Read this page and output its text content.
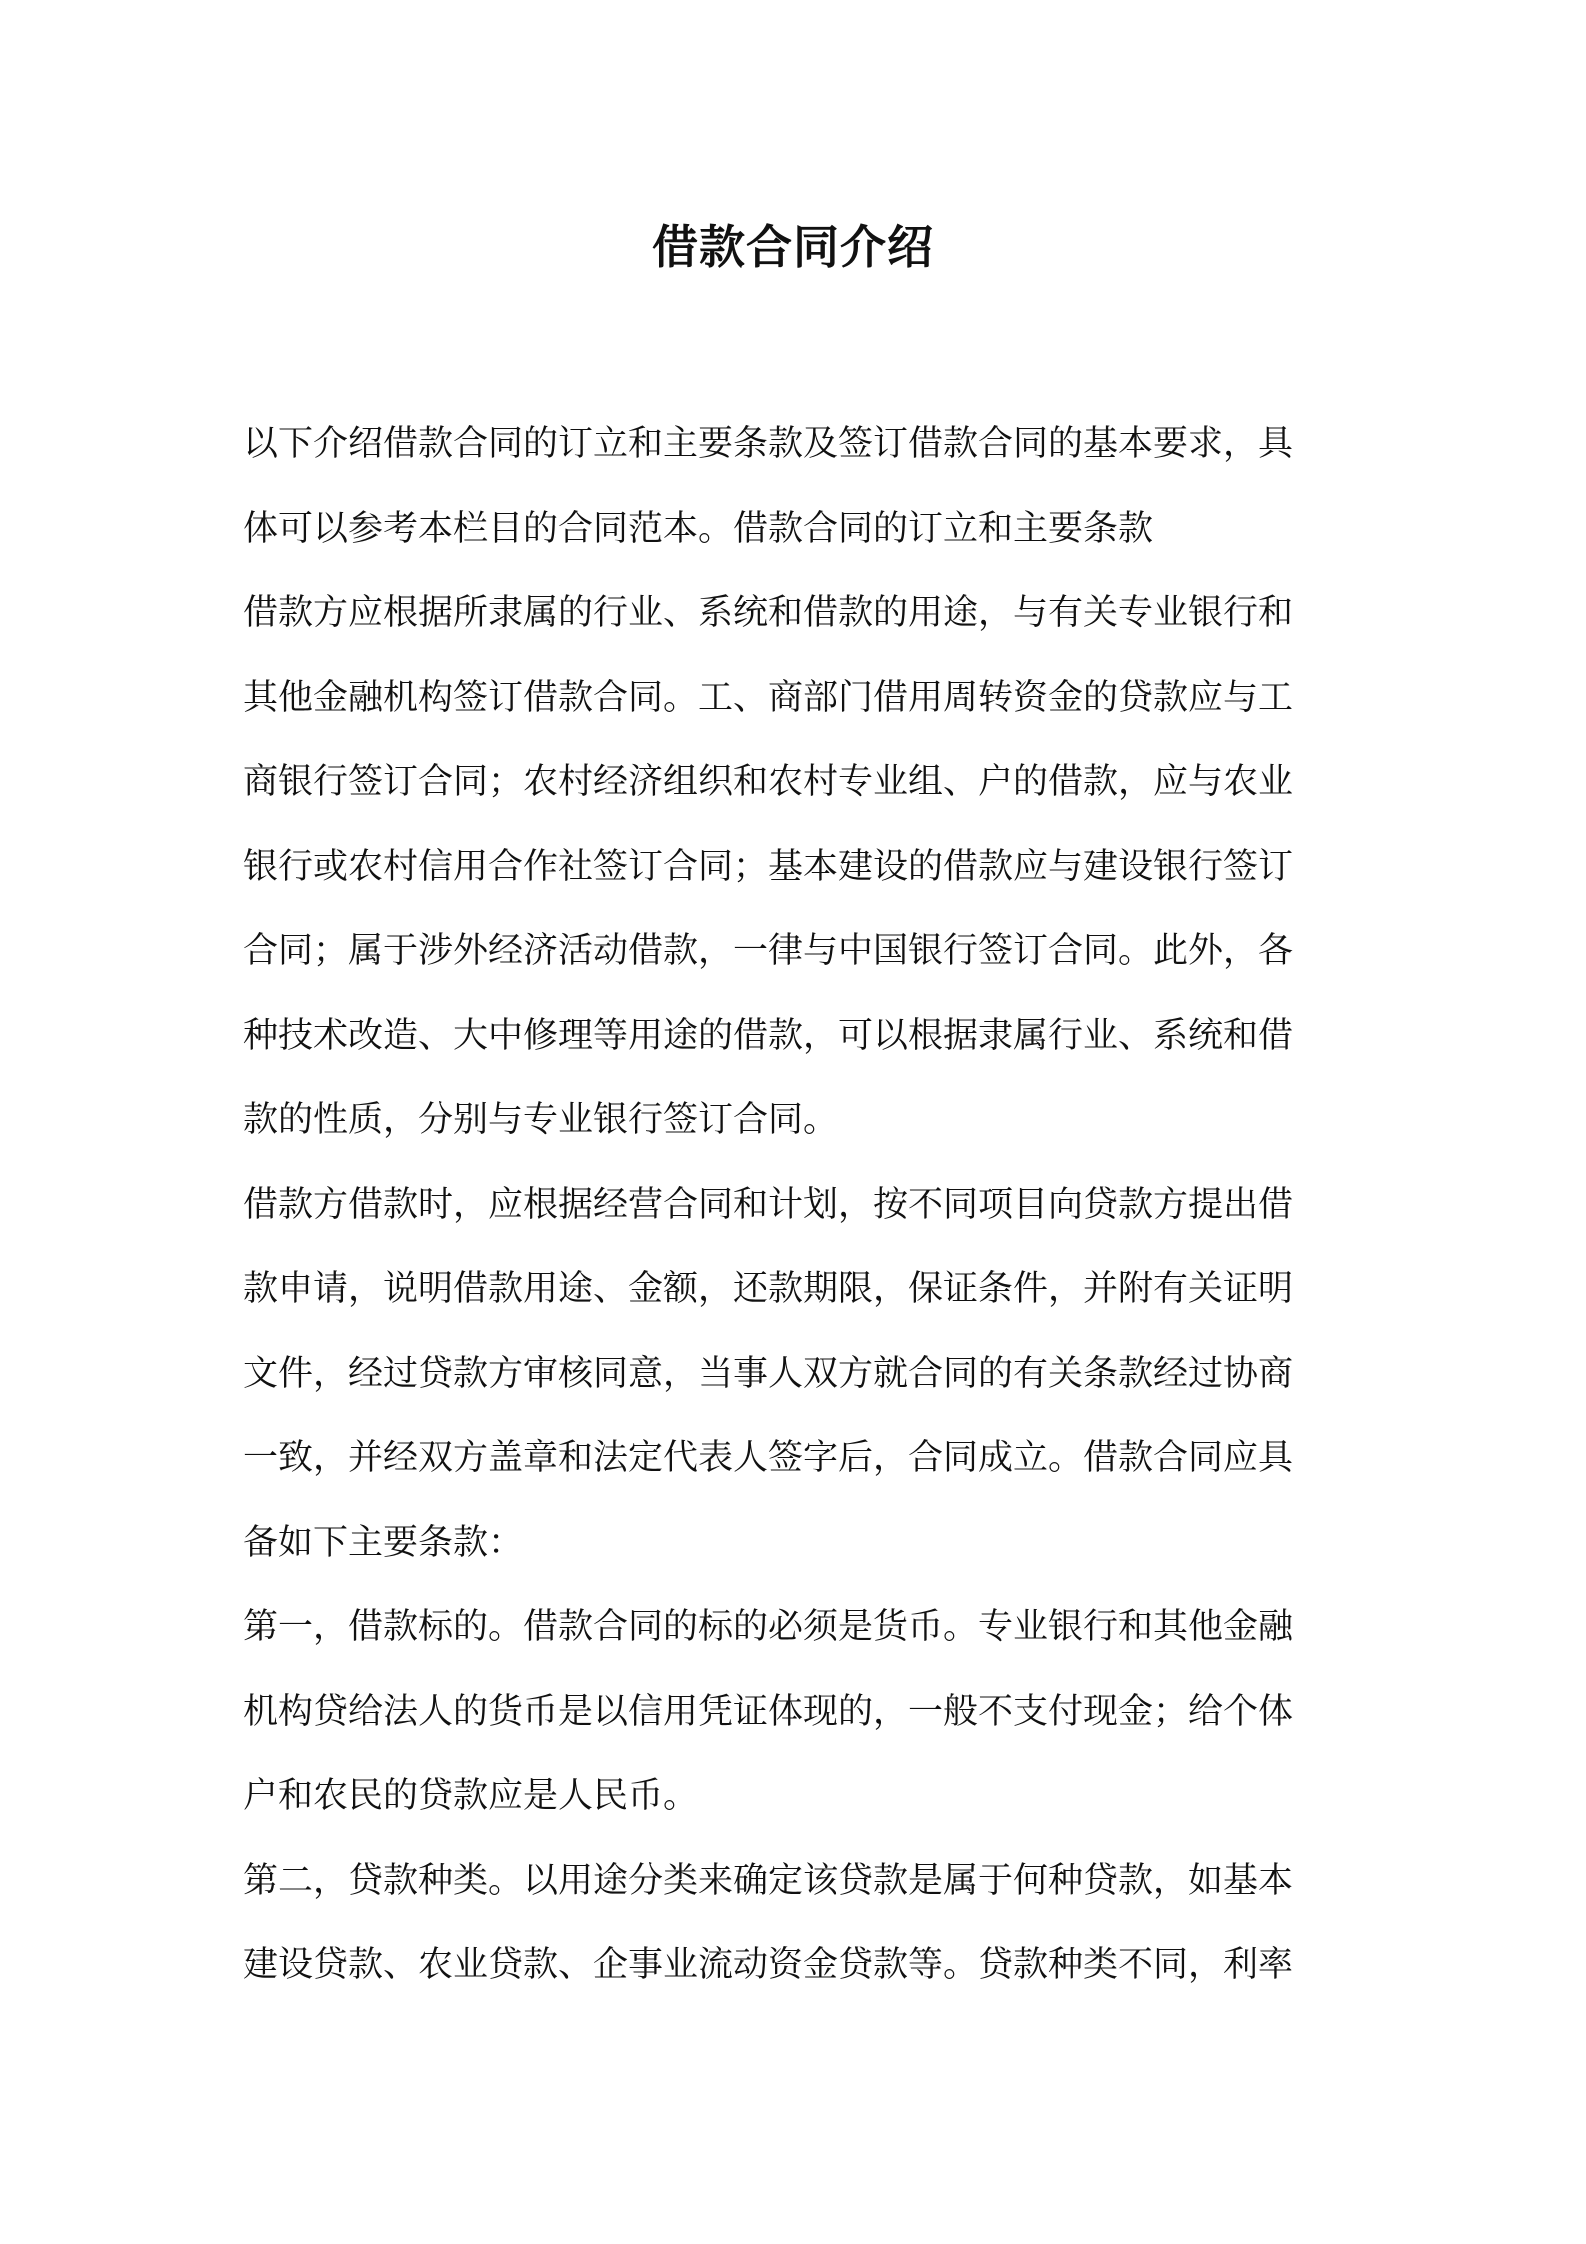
借款合同介绍

以下介绍借款合同的订立和主要条款及签订借款合同的基本要求，具
体可以参考本栏目的合同范本。借款合同的订立和主要条款

借款方应根据所隶属的行业、系统和借款的用途，与有关专业银行和
其他金融机构签订借款合同。工、商部门借用周转资金的贷款应与工
商银行签订合同；农村经济组织和农村专业组、户的借款，应与农业
银行或农村信用合作社签订合同；基本建设的借款应与建设银行签订
合同；属于涉外经济活动借款，一律与中国银行签订合同。此外，各
种技术改造、大中修理等用途的借款，可以根据隶属行业、系统和借
款的性质，分别与专业银行签订合同。

借款方借款时，应根据经营合同和计划，按不同项目向贷款方提出借
款申请，说明借款用途、金额，还款期限，保证条件，并附有关证明
文件，经过贷款方审核同意，当事人双方就合同的有关条款经过协商
一致，并经双方盖章和法定代表人签字后，合同成立。借款合同应具
备如下主要条款：

第一，借款标的。借款合同的标的必须是货币。专业银行和其他金融
机构贷给法人的货币是以信用凭证体现的，一般不支付现金；给个体
户和农民的贷款应是人民币。

第二，贷款种类。以用途分类来确定该贷款是属于何种贷款，如基本
建设贷款、农业贷款、企事业流动资金贷款等。贷款种类不同，利率
